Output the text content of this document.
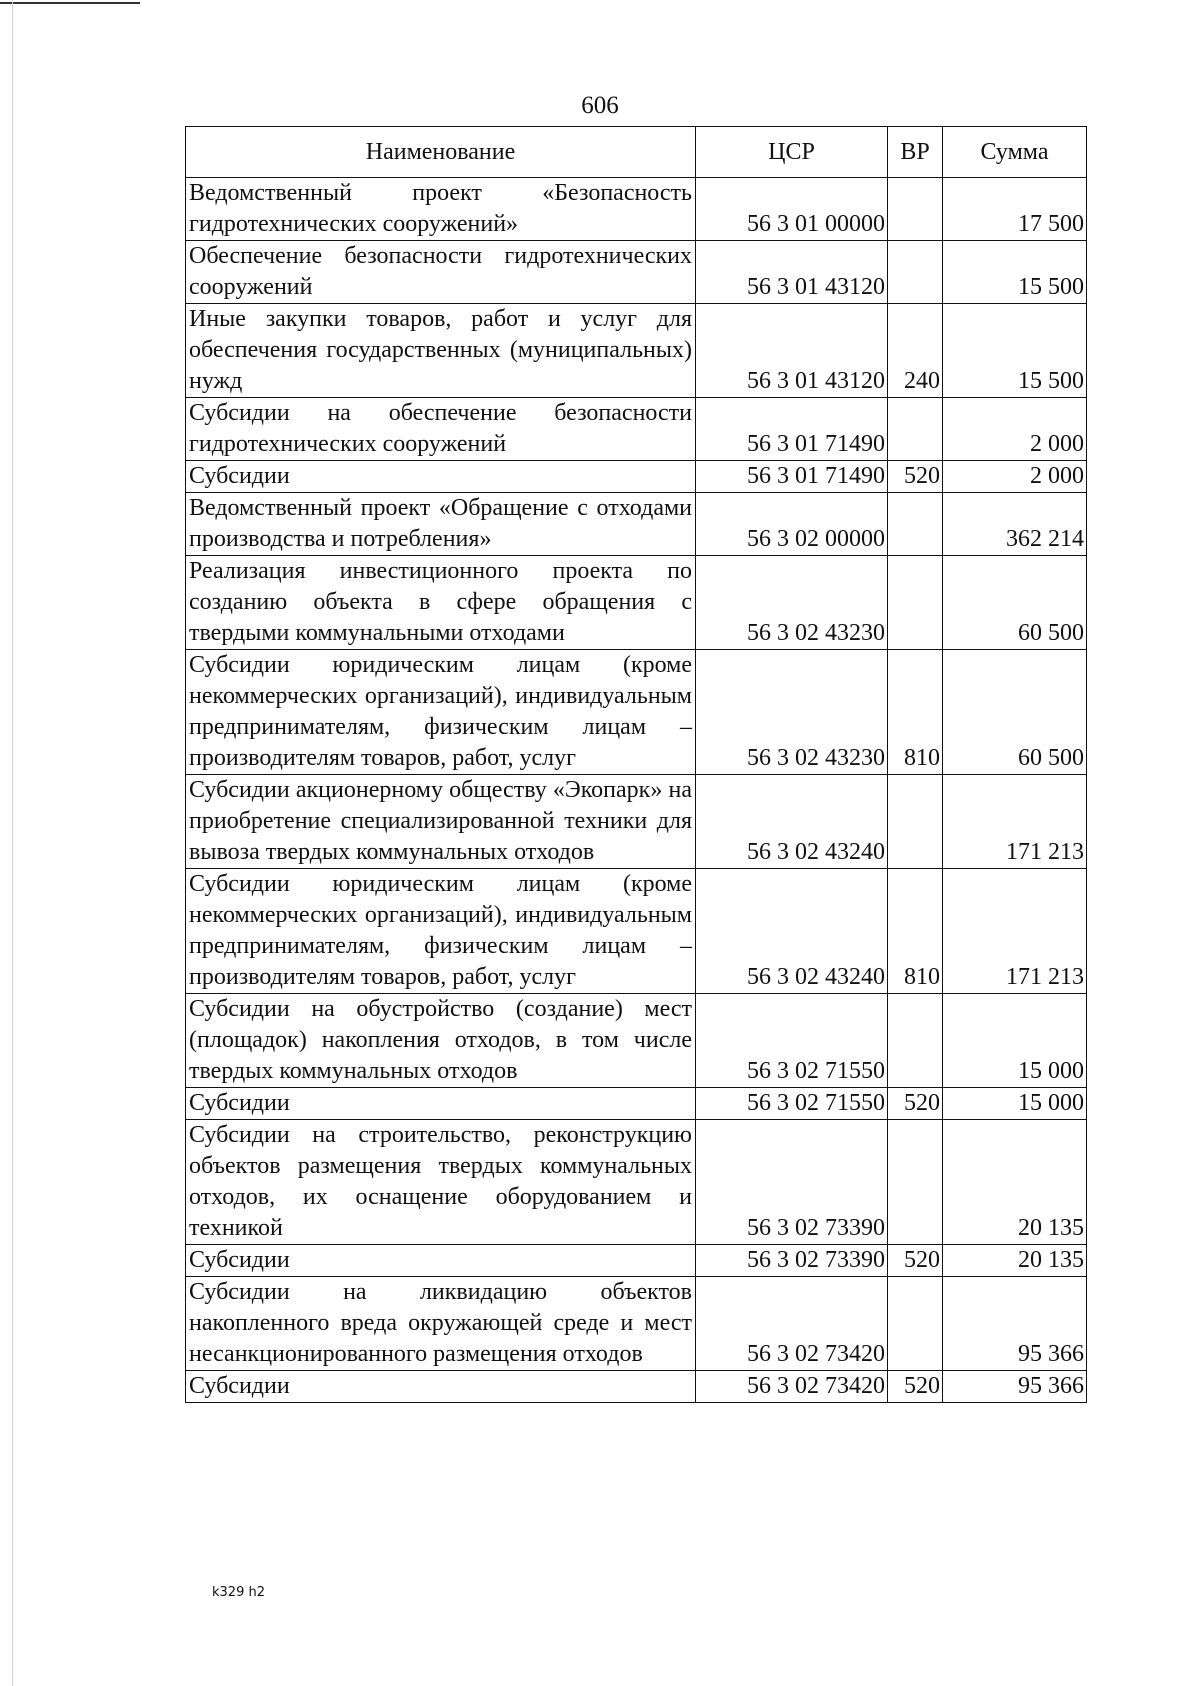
606
Наименование	ЦСР	ВР	Сумма
Ведомственный проект «Безопасность гидротехнических сооружений»	56 3 01 00000		17 500
Обеспечение безопасности гидротехнических сооружений	56 3 01 43120		15 500
Иные закупки товаров, работ и услуг для обеспечения государственных (муниципальных) нужд	56 3 01 43120	240	15 500
Субсидии на обеспечение безопасности гидротехнических сооружений	56 3 01 71490		2 000
Субсидии	56 3 01 71490	520	2 000
Ведомственный проект «Обращение с отходами производства и потребления»	56 3 02 00000		362 214
Реализация инвестиционного проекта по созданию объекта в сфере обращения с твердыми коммунальными отходами	56 3 02 43230		60 500
Субсидии юридическим лицам (кроме некоммерческих организаций), индивидуальным предпринимателям, физическим лицам – производителям товаров, работ, услуг	56 3 02 43230	810	60 500
Субсидии акционерному обществу «Экопарк» на приобретение специализированной техники для вывоза твердых коммунальных отходов	56 3 02 43240		171 213
Субсидии юридическим лицам (кроме некоммерческих организаций), индивидуальным предпринимателям, физическим лицам – производителям товаров, работ, услуг	56 3 02 43240	810	171 213
Субсидии на обустройство (создание) мест (площадок) накопления отходов, в том числе твердых коммунальных отходов	56 3 02 71550		15 000
Субсидии	56 3 02 71550	520	15 000
Субсидии на строительство, реконструкцию объектов размещения твердых коммунальных отходов, их оснащение оборудованием и техникой	56 3 02 73390		20 135
Субсидии	56 3 02 73390	520	20 135
Субсидии на ликвидацию объектов накопленного вреда окружающей среде и мест несанкционированного размещения отходов	56 3 02 73420		95 366
Субсидии	56 3 02 73420	520	95 366
k329 h2
